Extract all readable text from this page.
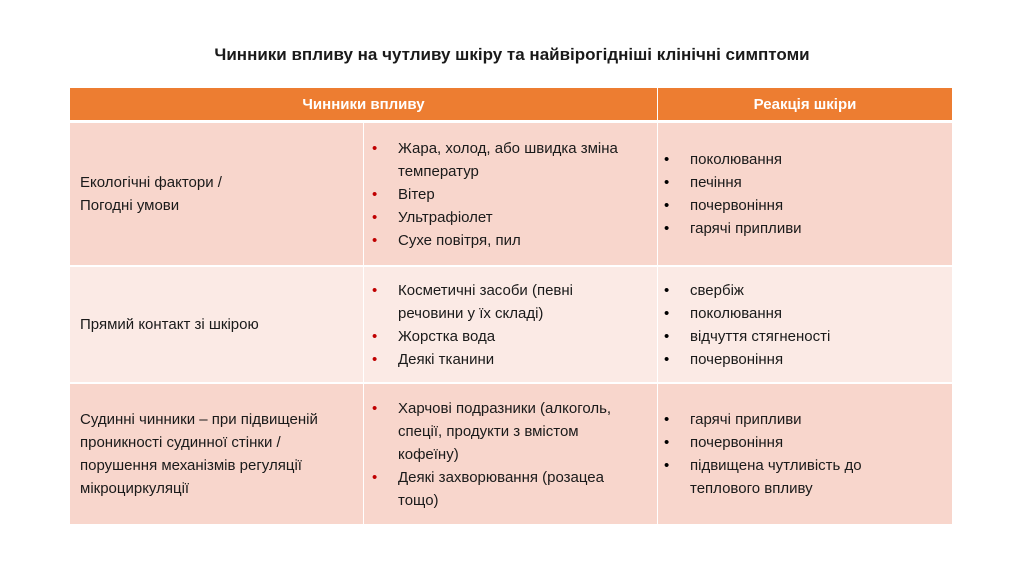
Чинники впливу на чутливу шкіру та найвірогідніші клінічні симптоми
Чинники впливу	Реакція шкіри
Екологічні фактори /
Погодні умови
• Жара, холод, або швидка зміна температур
• Вітер
• Ультрафіолет
• Сухе повітря, пил
• поколювання
• печіння
• почервоніння
• гарячі припливи
Прямий контакт зі шкірою
• Косметичні засоби (певні речовини у їх складі)
• Жорстка вода
• Деякі тканини
• свербіж
• поколювання
• відчуття стягненості
• почервоніння
Судинні чинники – при підвищеній проникності судинної стінки / порушення механізмів регуляції мікроциркуляції
• Харчові подразники (алкоголь, спеції, продукти з вмістом кофеїну)
• Деякі захворювання (розацеа тощо)
• гарячі припливи
• почервоніння
• підвищена чутливість до теплового впливу
